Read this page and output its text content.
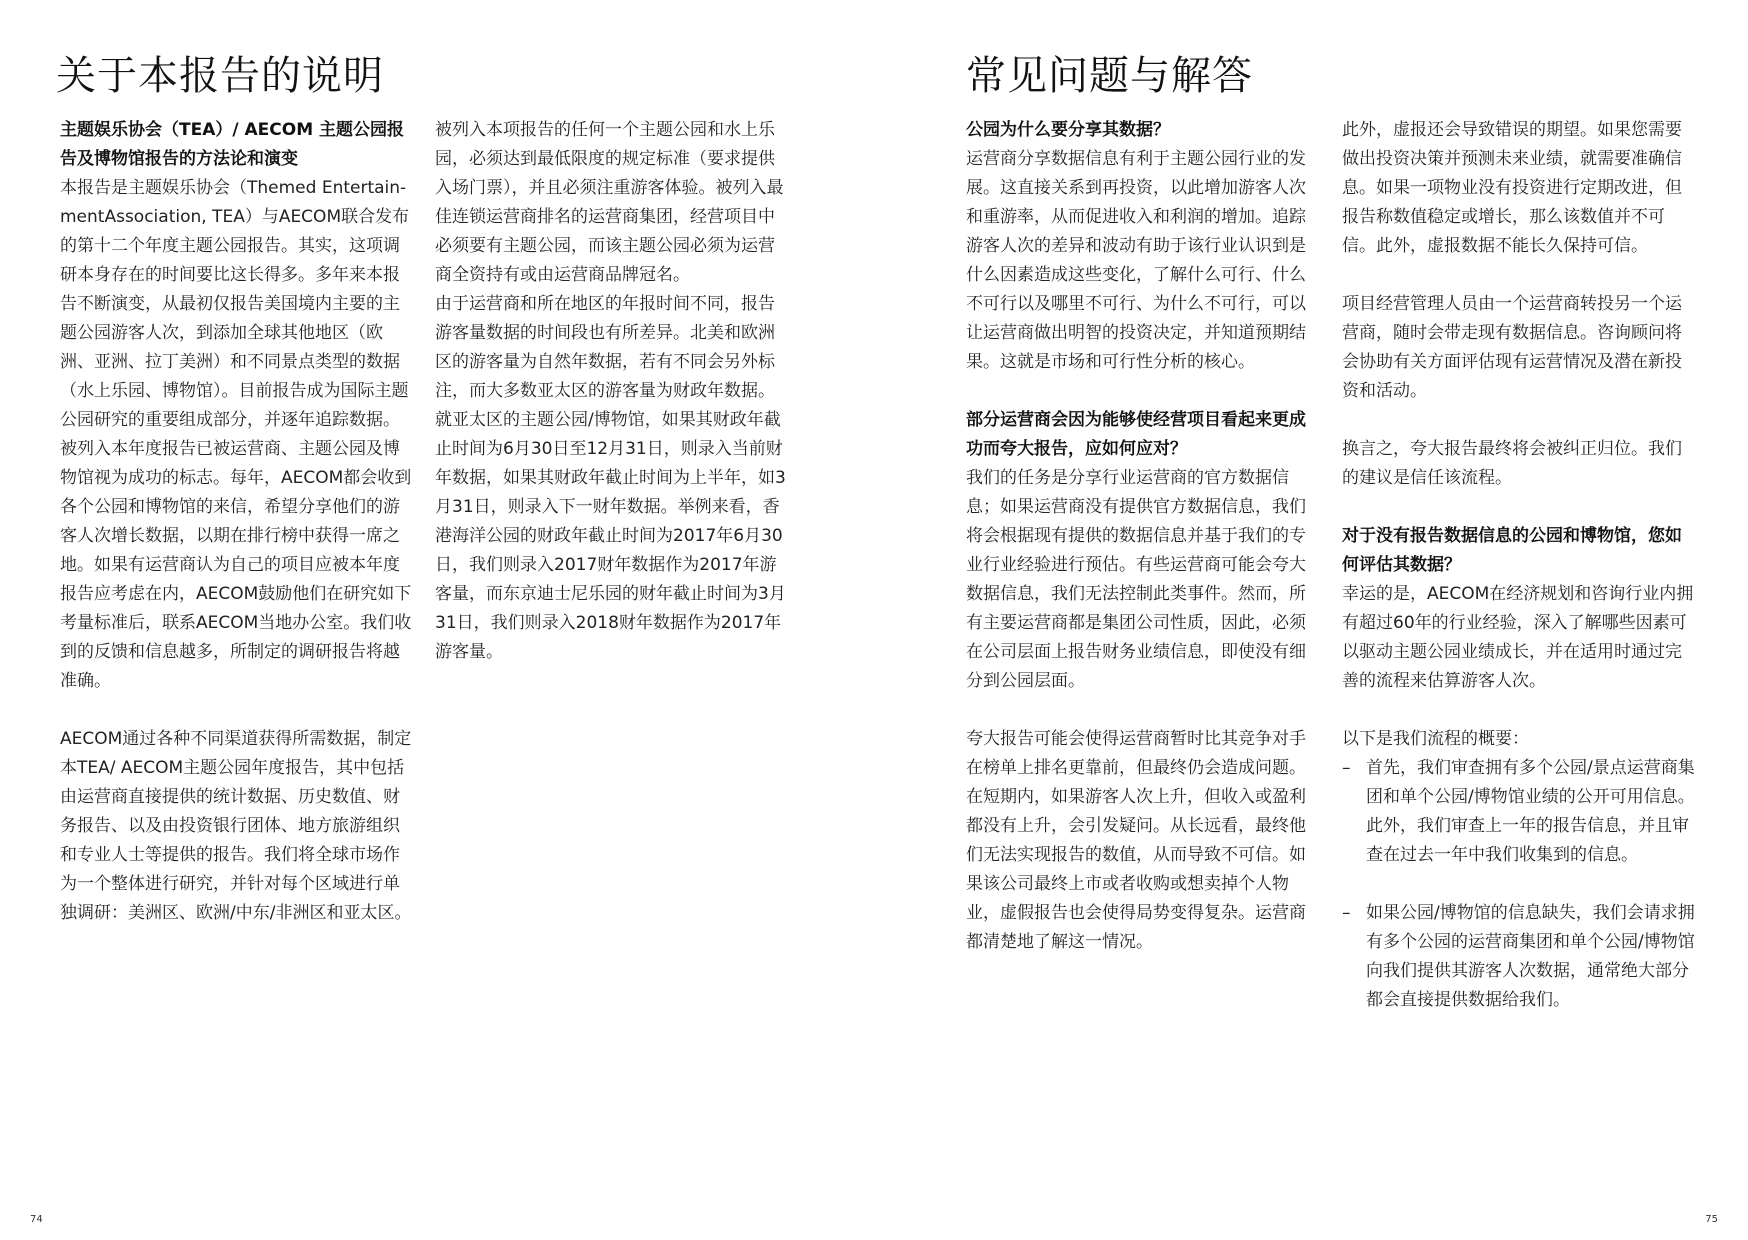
关于本报告的说明
主题娱乐协会（TEA）/ AECOM 主题公园报告及博物馆报告的方法论和演变

本报告是主题娱乐协会（Themed Entertain-mentAssociation, TEA）与AECOM联合发布的第十二个年度主题公园报告。其实，这项调研本身存在的时间要比这长得多。多年来本报告不断演变，从最初仅报告美国境内主要的主题公园游客人次，到添加全球其他地区（欧洲、亚洲、拉丁美洲）和不同景点类型的数据（水上乐园、博物馆）。目前报告成为国际主题公园研究的重要组成部分，并逐年追踪数据。

被列入本年度报告已被运营商、主题公园及博物馆视为成功的标志。每年，AECOM都会收到各个公园和博物馆的来信，希望分享他们的游客人次增长数据，以期在排行榜中获得一席之地。如果有运营商认为自己的项目应被本年度报告应考虑在内，AECOM鼓励他们在研究如下考量标准后，联系AECOM当地办公室。我们收到的反馈和信息越多，所制定的调研报告将越准确。

AECOM通过各种不同渠道获得所需数据，制定本TEA/ AECOM主题公园年度报告，其中包括由运营商直接提供的统计数据、历史数值、财务报告、以及由投资银行团体、地方旅游组织和专业人士等提供的报告。我们将全球市场作为一个整体进行研究，并针对每个区域进行单独调研：美洲区、欧洲/中东/非洲区和亚太区。

被列入本项报告的任何一个主题公园和水上乐园，必须达到最低限度的规定标准（要求提供入场门票），并且必须注重游客体验。被列入最佳连锁运营商排名的运营商集团，经营项目中必须要有主题公园，而该主题公园必须为运营商全资持有或由运营商品牌冠名。

由于运营商和所在地区的年报时间不同，报告游客量数据的时间段也有所差异。北美和欧洲区的游客量为自然年数据，若有不同会另外标注，而大多数亚太区的游客量为财政年数据。就亚太区的主题公园/博物馆，如果其财政年截止时间为6月30日至12月31日，则录入当前财年数据，如果其财政年截止时间为上半年，如3月31日，则录入下一财年数据。举例来看，香港海洋公园的财政年截止时间为2017年6月30日，我们则录入2017财年数据作为2017年游客量，而东京迪士尼乐园的财年截止时间为3月31日，我们则录入2018财年数据作为2017年游客量。

74
常见问题与解答
公园为什么要分享其数据？

运营商分享数据信息有利于主题公园行业的发展。这直接关系到再投资，以此增加游客人次和重游率，从而促进收入和利润的增加。追踪游客人次的差异和波动有助于该行业认识到是什么因素造成这些变化，了解什么可行、什么不可行以及哪里不可行、为什么不可行，可以让运营商做出明智的投资决定，并知道预期结果。这就是市场和可行性分析的核心。

部分运营商会因为能够使经营项目看起来更成功而夸大报告，应如何应对？

我们的任务是分享行业运营商的官方数据信息；如果运营商没有提供官方数据信息，我们将会根据现有提供的数据信息并基于我们的专业行业经验进行预估。有些运营商可能会夸大数据信息，我们无法控制此类事件。然而，所有主要运营商都是集团公司性质，因此，必须在公司层面上报告财务业绩信息，即使没有细分到公园层面。

夸大报告可能会使得运营商暂时比其竞争对手在榜单上排名更靠前，但最终仍会造成问题。在短期内，如果游客人次上升，但收入或盈利都没有上升，会引发疑问。从长远看，最终他们无法实现报告的数值，从而导致不可信。如果该公司最终上市或者收购或想卖掉个人物业，虚假报告也会使得局势变得复杂。运营商都清楚地了解这一情况。

此外，虚报还会导致错误的期望。如果您需要做出投资决策并预测未来业绩，就需要准确信息。如果一项物业没有投资进行定期改进，但报告称数值稳定或增长，那么该数值并不可信。此外，虚报数据不能长久保持可信。

项目经营管理人员由一个运营商转投另一个运营商，随时会带走现有数据信息。咨询顾问将会协助有关方面评估现有运营情况及潜在新投资和活动。

换言之，夸大报告最终将会被纠正归位。我们的建议是信任该流程。

对于没有报告数据信息的公园和博物馆，您如何评估其数据？

幸运的是，AECOM在经济规划和咨询行业内拥有超过60年的行业经验，深入了解哪些因素可以驱动主题公园业绩成长，并在适用时通过完善的流程来估算游客人次。

以下是我们流程的概要：

– 首先，我们审查拥有多个公园/景点运营商集团和单个公园/博物馆业绩的公开可用信息。此外，我们审查上一年的报告信息，并且审查在过去一年中我们收集到的信息。
– 如果公园/博物馆的信息缺失，我们会请求拥有多个公园的运营商集团和单个公园/博物馆向我们提供其游客人次数据，通常绝大部分都会直接提供数据给我们。
75
